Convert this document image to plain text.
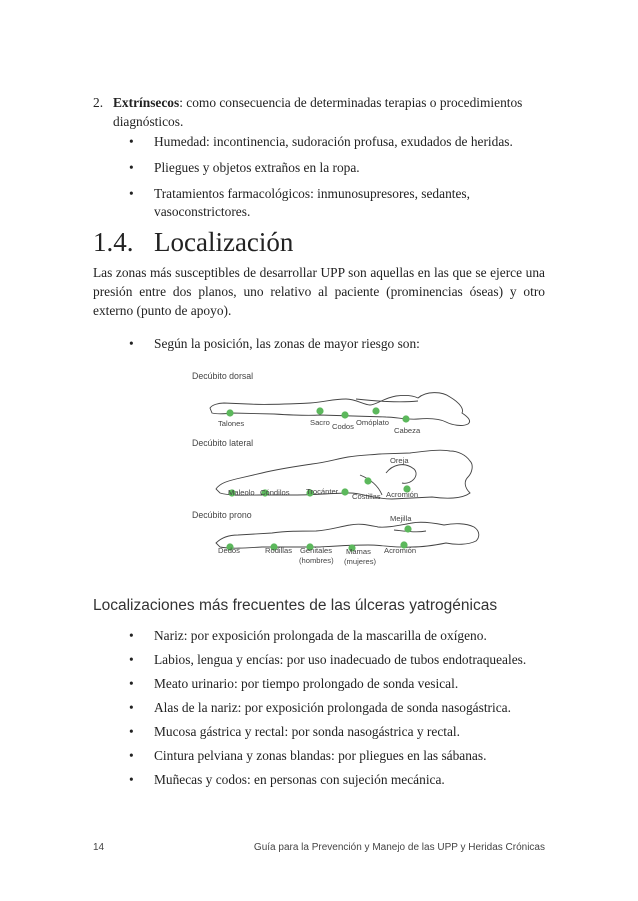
2. Extrínsecos: como consecuencia de determinadas terapias o procedimientos
diagnósticos.
• Humedad: incontinencia, sudoración profusa, exudados de heridas.
• Pliegues y objetos extraños en la ropa.
• Tratamientos farmacológicos: inmunosupresores, sedantes,
vasoconstrictores.
1.4. Localización
Las zonas más susceptibles de desarrollar UPP son aquellas en las que se ejerce una presión entre dos planos, uno relativo al paciente (prominencias óseas) y otro externo (punto de apoyo).
• Según la posición, las zonas de mayor riesgo son:
Decúbito dorsal
Talones	Sacro Codos Omóplato
Cabeza
Decúbito lateral
Oreja
Maleolo Cóndilos Trocánter
Costillas Acromión
Decúbito prono	Mejilla
Dedos	Rodillas Genitales
(hombres)
Mamas
(mujeres)
Acromión
Localizaciones más frecuentes de las úlceras yatrogénicas
• Nariz: por exposición prolongada de la mascarilla de oxígeno.
• Labios, lengua y encías: por uso inadecuado de tubos endotraqueales.
• Meato urinario: por tiempo prolongado de sonda vesical.
• Alas de la nariz: por exposición prolongada de sonda nasogástrica.
• Mucosa gástrica y rectal: por sonda nasogástrica y rectal.
• Cintura pelviana y zonas blandas: por pliegues en las sábanas.
• Muñecas y codos: en personas con sujeción mecánica.
14	Guía para la Prevención y Manejo de las UPP y Heridas Crónicas
